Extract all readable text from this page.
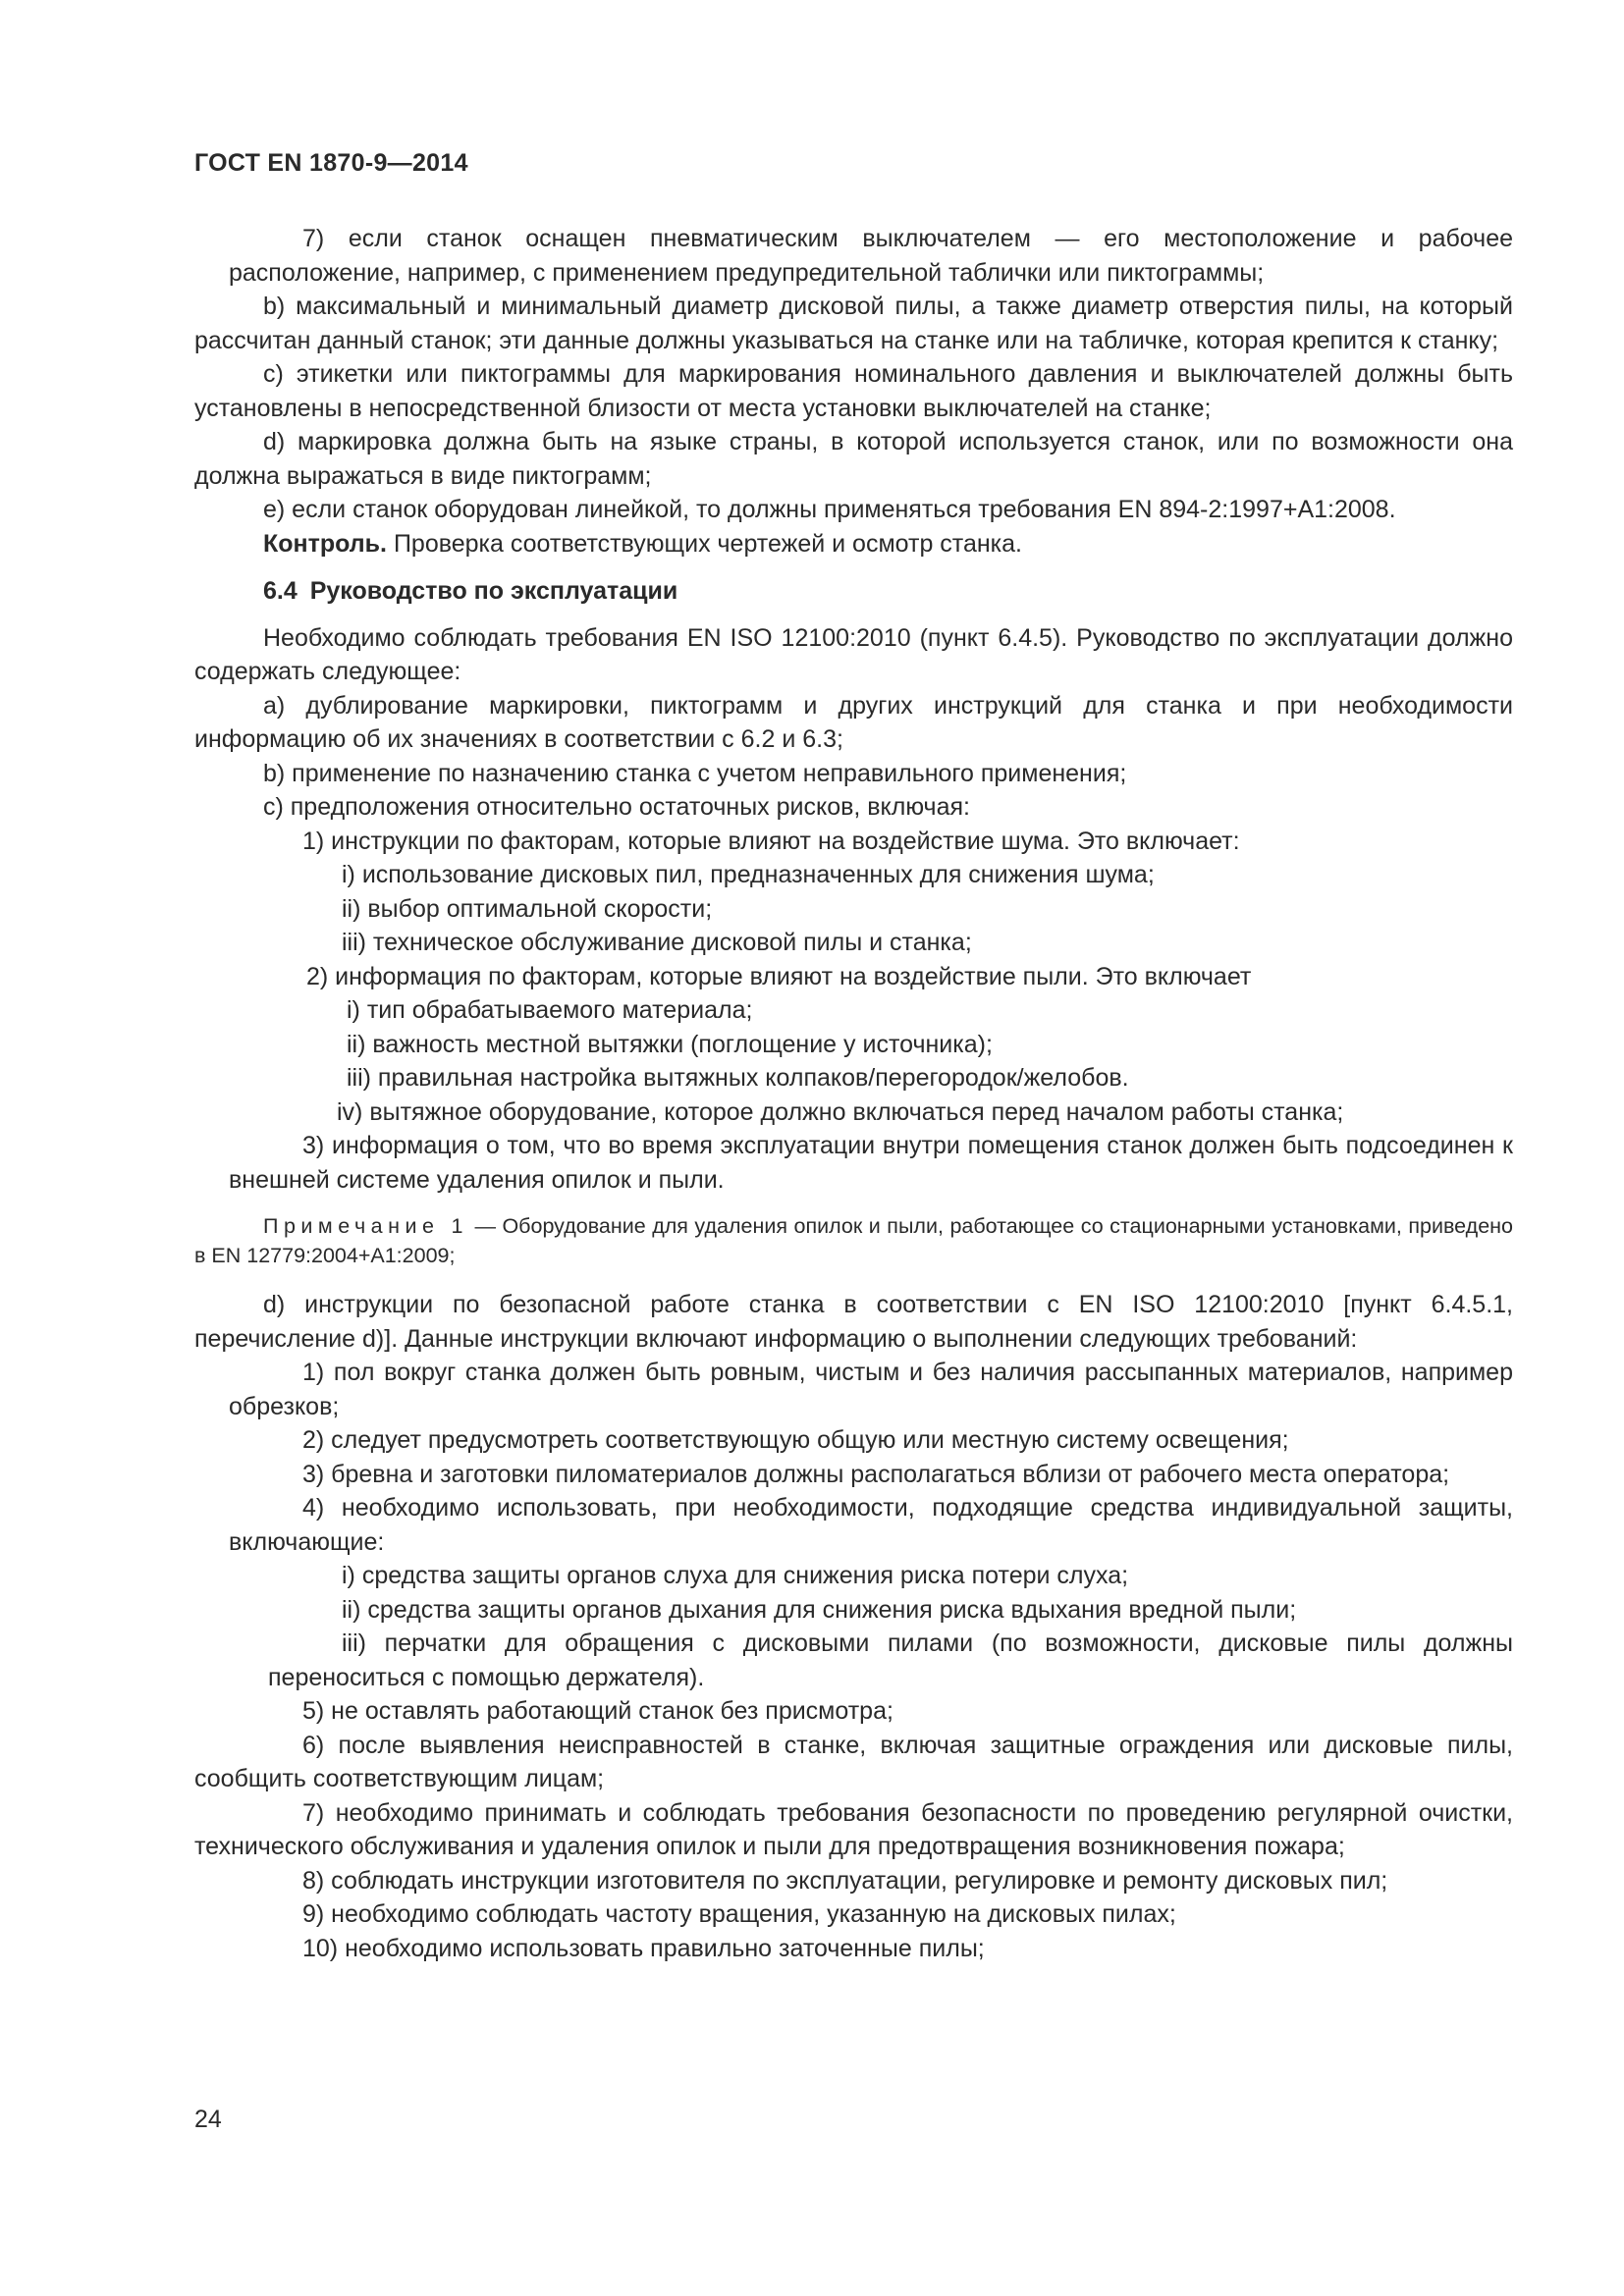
ГОСТ EN 1870-9—2014

7) если станок оснащен пневматическим выключателем — его местоположение и рабочее расположение, например, с применением предупредительной таблички или пиктограммы;

b) максимальный и минимальный диаметр дисковой пилы, а также диаметр отверстия пилы, на который рассчитан данный станок; эти данные должны указываться на станке или на табличке, которая крепится к станку;

c) этикетки или пиктограммы для маркирования номинального давления и выключателей должны быть установлены в непосредственной близости от места установки выключателей на станке;

d) маркировка должна быть на языке страны, в которой используется станок, или по возможности она должна выражаться в виде пиктограмм;

e) если станок оборудован линейкой, то должны применяться требования EN 894-2:1997+A1:2008.

Контроль. Проверка соответствующих чертежей и осмотр станка.

6.4 Руководство по эксплуатации

Необходимо соблюдать требования EN ISO 12100:2010 (пункт 6.4.5). Руководство по эксплуатации должно содержать следующее:

a) дублирование маркировки, пиктограмм и других инструкций для станка и при необходимости информацию об их значениях в соответствии с 6.2 и 6.3;

b) применение по назначению станка с учетом неправильного применения;

c) предположения относительно остаточных рисков, включая:

1) инструкции по факторам, которые влияют на воздействие шума. Это включает:

i) использование дисковых пил, предназначенных для снижения шума;

ii) выбор оптимальной скорости;

iii) техническое обслуживание дисковой пилы и станка;

2) информация по факторам, которые влияют на воздействие пыли. Это включает

i) тип обрабатываемого материала;

ii) важность местной вытяжки (поглощение у источника);

iii) правильная настройка вытяжных колпаков/перегородок/желобов.

iv) вытяжное оборудование, которое должно включаться перед началом работы станка;

3) информация о том, что во время эксплуатации внутри помещения станок должен быть подсоединен к внешней системе удаления опилок и пыли.

Примечание 1 — Оборудование для удаления опилок и пыли, работающее со стационарными установками, приведено в EN 12779:2004+A1:2009;

d) инструкции по безопасной работе станка в соответствии с EN ISO 12100:2010 [пункт 6.4.5.1, перечисление d)]. Данные инструкции включают информацию о выполнении следующих требований:

1) пол вокруг станка должен быть ровным, чистым и без наличия рассыпанных материалов, например обрезков;

2) следует предусмотреть соответствующую общую или местную систему освещения;

3) бревна и заготовки пиломатериалов должны располагаться вблизи от рабочего места оператора;

4) необходимо использовать, при необходимости, подходящие средства индивидуальной защиты, включающие:

i) средства защиты органов слуха для снижения риска потери слуха;

ii) средства защиты органов дыхания для снижения риска вдыхания вредной пыли;

iii) перчатки для обращения с дисковыми пилами (по возможности, дисковые пилы должны переноситься с помощью держателя).

5) не оставлять работающий станок без присмотра;

6) после выявления неисправностей в станке, включая защитные ограждения или дисковые пилы, сообщить соответствующим лицам;

7) необходимо принимать и соблюдать требования безопасности по проведению регулярной очистки, технического обслуживания и удаления опилок и пыли для предотвращения возникновения пожара;

8) соблюдать инструкции изготовителя по эксплуатации, регулировке и ремонту дисковых пил;

9) необходимо соблюдать частоту вращения, указанную на дисковых пилах;

10) необходимо использовать правильно заточенные пилы;

24
